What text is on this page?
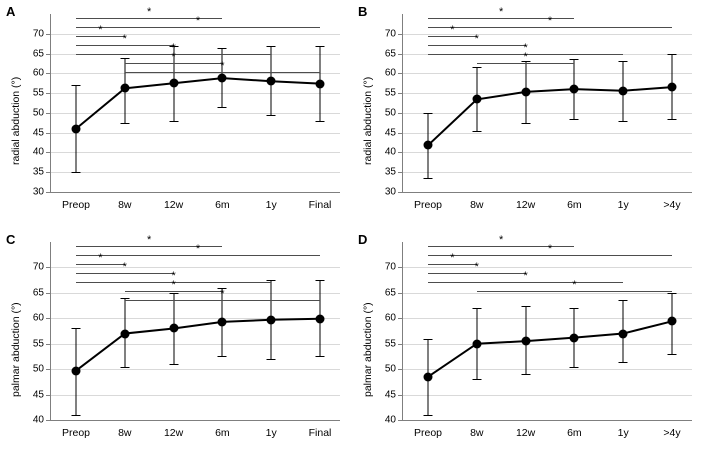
A
radial abduction (°)
30
35
40
45
50
55
60
65
70
Preop	8w	12w	6m	1y	Final
*
*
*
*
*
*
*
B
radial abduction (°)
30
35
40
45
50
55
60
65
70
Preop	8w	12w	6m	1y	>4y
*
*
*
*
*
*
C
palmar abduction (°)
40
45
50
55
60
65
70
Preop	8w	12w	6m	1y	Final
*
*
*
*
*
*
*
D
palmar abduction (°)
40
45
50
55
60
65
70
Preop	8w	12w	6m	1y	>4y
*
*
*
*
*
*
